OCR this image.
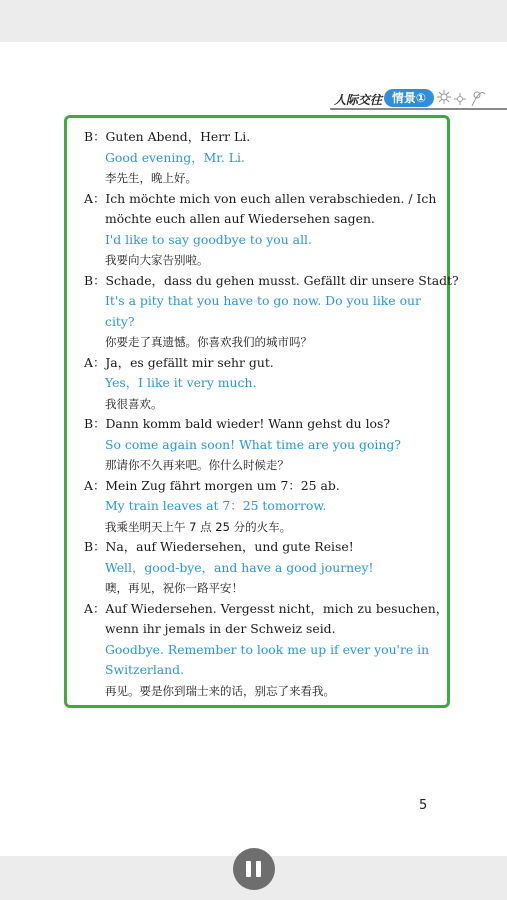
人际交往 情景①
B：Guten Abend，Herr Li.
Good evening，Mr. Li.
李先生，晚上好。
A：Ich möchte mich von euch allen verabschieden. / Ich
möchte euch allen auf Wiedersehen sagen.
I'd like to say goodbye to you all.
我要向大家告别啦。
B：Schade，dass du gehen musst. Gefällt dir unsere Stadt?
It's a pity that you have to go now. Do you like our
city?
你要走了真遗憾。你喜欢我们的城市吗？
A：Ja，es gefällt mir sehr gut.
Yes，I like it very much.
我很喜欢。
B：Dann komm bald wieder! Wann gehst du los?
So come again soon! What time are you going?
那请你不久再来吧。你什么时候走？
A：Mein Zug fährt morgen um 7：25 ab.
My train leaves at 7：25 tomorrow.
我乘坐明天上午 7 点 25 分的火车。
B：Na，auf Wiedersehen，und gute Reise!
Well，good-bye，and have a good journey!
噢，再见，祝你一路平安！
A：Auf Wiedersehen. Vergesst nicht，mich zu besuchen，
wenn ihr jemals in der Schweiz seid.
Goodbye. Remember to look me up if ever you're in
Switzerland.
再见。要是你到瑞士来的话，别忘了来看我。
5
